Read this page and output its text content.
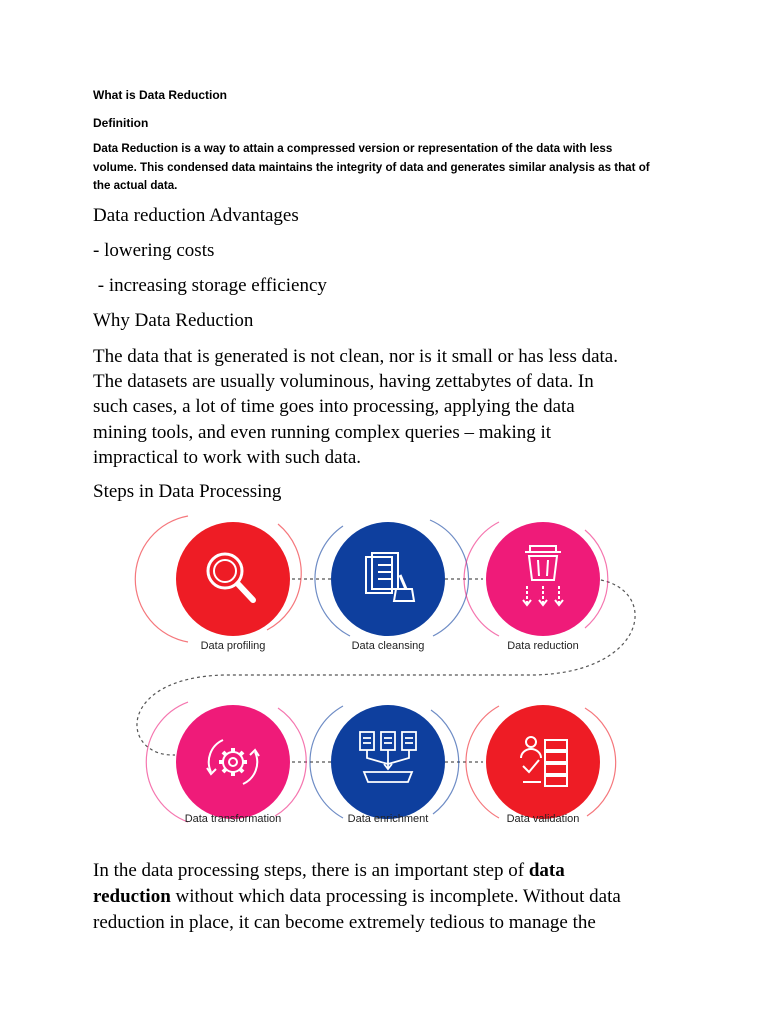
What is Data Reduction
Definition
Data Reduction is a way to attain a compressed version or representation of the data with less
volume. This condensed data maintains the integrity of data and generates similar analysis as that of
the actual data.
Data reduction Advantages
- lowering costs
- increasing storage efficiency
Why Data Reduction
The data that is generated is not clean, nor is it small or has less data.
The datasets are usually voluminous, having zettabytes of data. In
such cases, a lot of time goes into processing, applying the data
mining tools, and even running complex queries – making it
impractical to work with such data.
Steps in Data Processing
Data profiling	Data cleansing	Data reduction
Data transformation	Data enrichment	Data validation
In the data processing steps, there is an important step of data
reduction without which data processing is incomplete. Without data
reduction in place, it can become extremely tedious to manage the
